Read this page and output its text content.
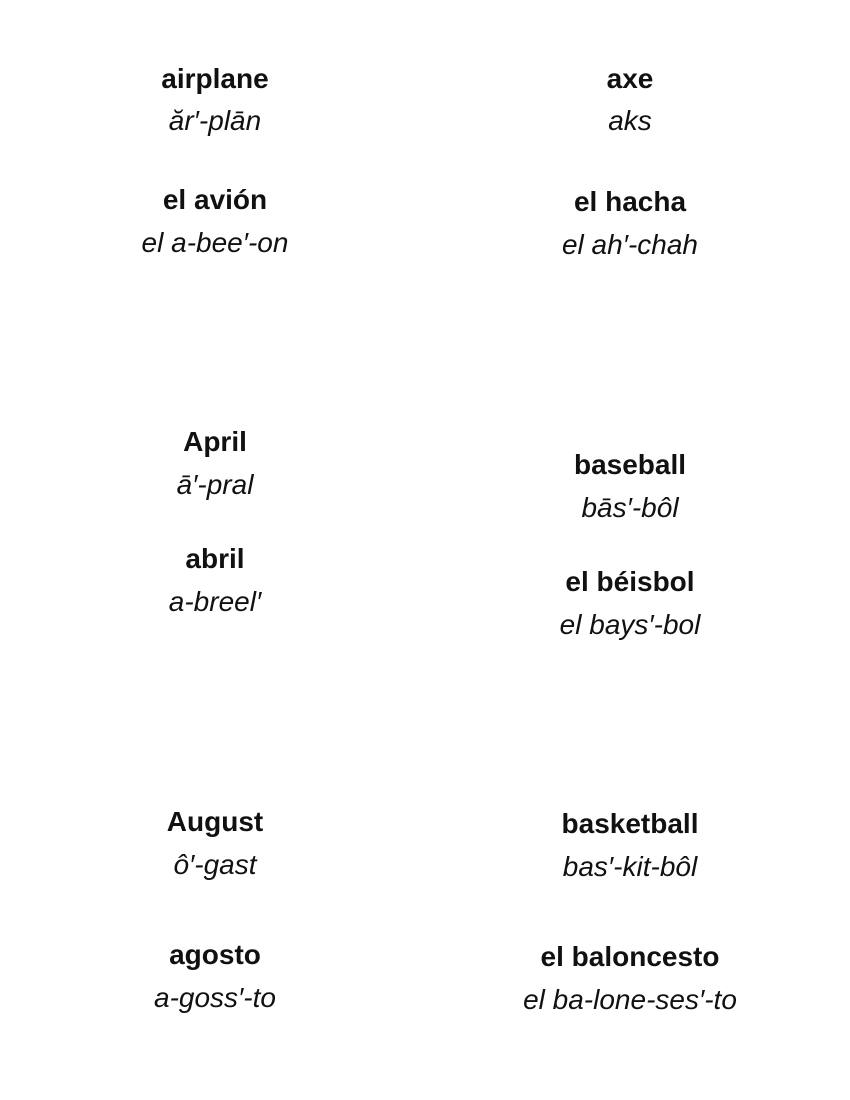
airplane
ăr′-plān
el avión
el a-bee′-on
April
ā′-pral
abril
a-breel′
August
ô′-gast
agosto
a-goss′-to
axe
aks
el hacha
el ah′-chah
baseball
bās′-bôl
el béisbol
el bays′-bol
basketball
bas′-kit-bôl
el baloncesto
el ba-lone-ses′-to
